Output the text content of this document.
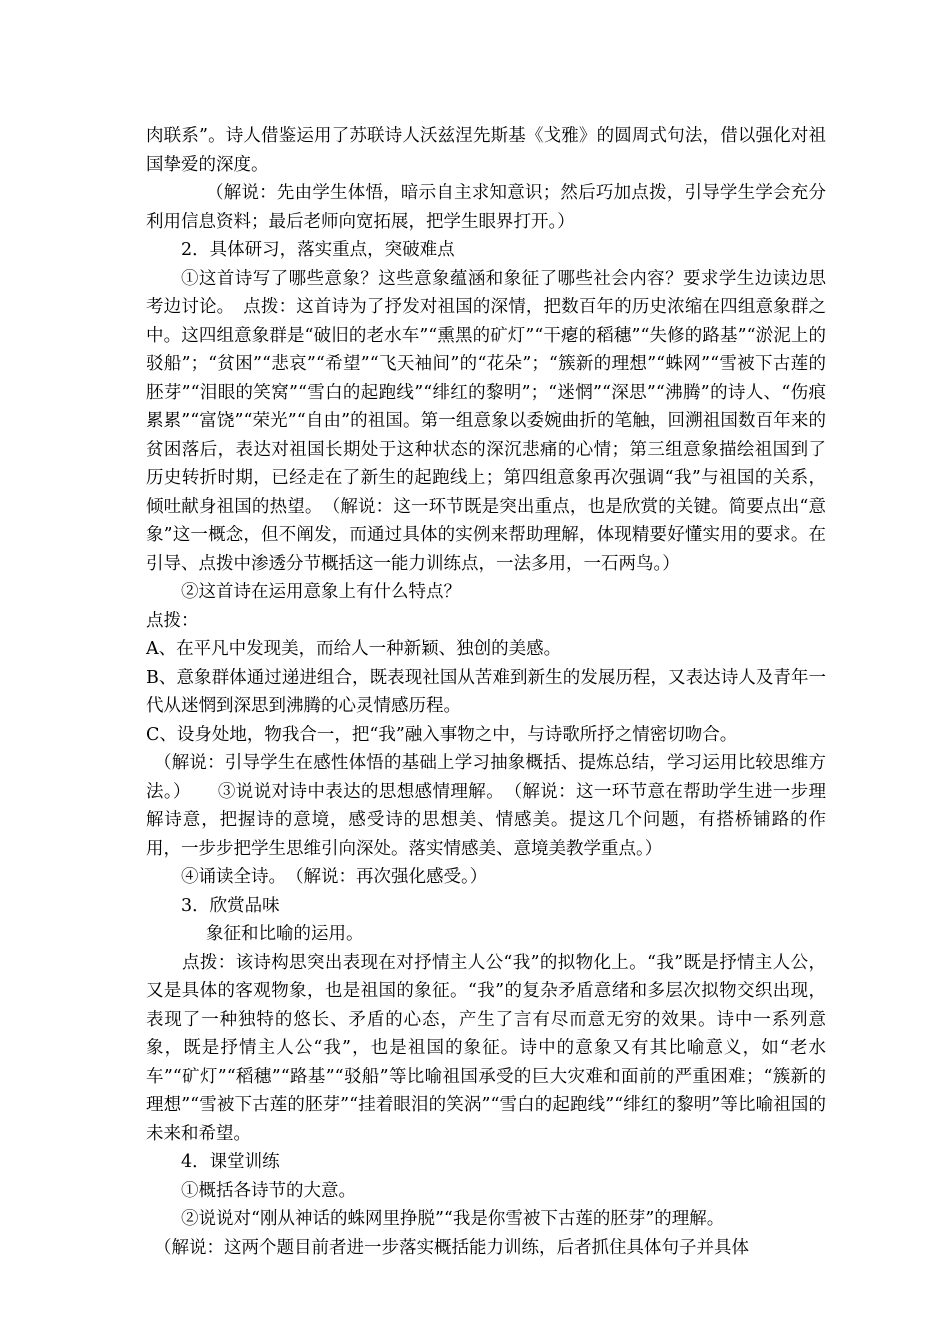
肉联系”。诗人借鉴运用了苏联诗人沃兹涅先斯基《戈雅》的圆周式句法，借以强化对祖国挚爱的深度。

（解说：先由学生体悟，暗示自主求知意识；然后巧加点拨，引导学生学会充分利用信息资料；最后老师向宽拓展，把学生眼界打开。）

2．具体研习，落实重点，突破难点

①这首诗写了哪些意象？这些意象蕴涵和象征了哪些社会内容？要求学生边读边思考边讨论。　点拨：这首诗为了抒发对祖国的深情，把数百年的历史浓缩在四组意象群之中。这四组意象群是“破旧的老水车”“熏黑的矿灯”“干瘪的稻穗”“失修的路基”“淤泥上的驳船”；“贫困”“悲哀”“希望”“飞天袖间”的“花朵”；“簇新的理想”“蛛网”“雪被下古莲的胚芽”“泪眼的笑窝”“雪白的起跑线”“绯红的黎明”；“迷惘”“深思”“沸腾”的诗人、“伤痕累累”“富饶”“荣光”“自由”的祖国。第一组意象以委婉曲折的笔触，回溯祖国数百年来的贫困落后，表达对祖国长期处于这种状态的深沉悲痛的心情；第三组意象描绘祖国到了历史转折时期，已经走在了新生的起跑线上；第四组意象再次强调“我”与祖国的关系，倾吐献身祖国的热望。　（解说：这一环节既是突出重点，也是欣赏的关键。简要点出“意象”这一概念，但不阐发，而通过具体的实例来帮助理解，体现精要好懂实用的要求。在引导、点拨中渗透分节概括这一能力训练点，一法多用，一石两鸟。）

②这首诗在运用意象上有什么特点？

点拨：

A、在平凡中发现美，而给人一种新颖、独创的美感。

B、意象群体通过递进组合，既表现社国从苦难到新生的发展历程，又表达诗人及青年一代从迷惘到深思到沸腾的心灵情感历程。

C、设身处地，物我合一，把“我”融入事物之中，与诗歌所抒之情密切吻合。

（解说：引导学生在感性体悟的基础上学习抽象概括、提炼总结，学习运用比较思维方法。）　　③说说对诗中表达的思想感情理解。　（解说：这一环节意在帮助学生进一步理解诗意，把握诗的意境，感受诗的思想美、情感美。提这几个问题，有搭桥铺路的作用，一步步把学生思维引向深处。落实情感美、意境美教学重点。）

④诵读全诗。　（解说：再次强化感受。）

3．欣赏品味

象征和比喻的运用。

点拨：该诗构思突出表现在对抒情主人公“我”的拟物化上。“我”既是抒情主人公，又是具体的客观物象，也是祖国的象征。“我”的复杂矛盾意绪和多层次拟物交织出现，表现了一种独特的悠长、矛盾的心态，产生了言有尽而意无穷的效果。诗中一系列意象，既是抒情主人公“我”，也是祖国的象征。诗中的意象又有其比喻意义，如“老水车”“矿灯”“稻穗”“路基”“驳船”等比喻祖国承受的巨大灾难和面前的严重困难；“簇新的理想”“雪被下古莲的胚芽”“挂着眼泪的笑涡”“雪白的起跑线”“绯红的黎明”等比喻祖国的未来和希望。

4．课堂训练

①概括各诗节的大意。

②说说对“刚从神话的蛛网里挣脱”“我是你雪被下古莲的胚芽”的理解。

（解说：这两个题目前者进一步落实概括能力训练，后者抓住具体句子并具体
